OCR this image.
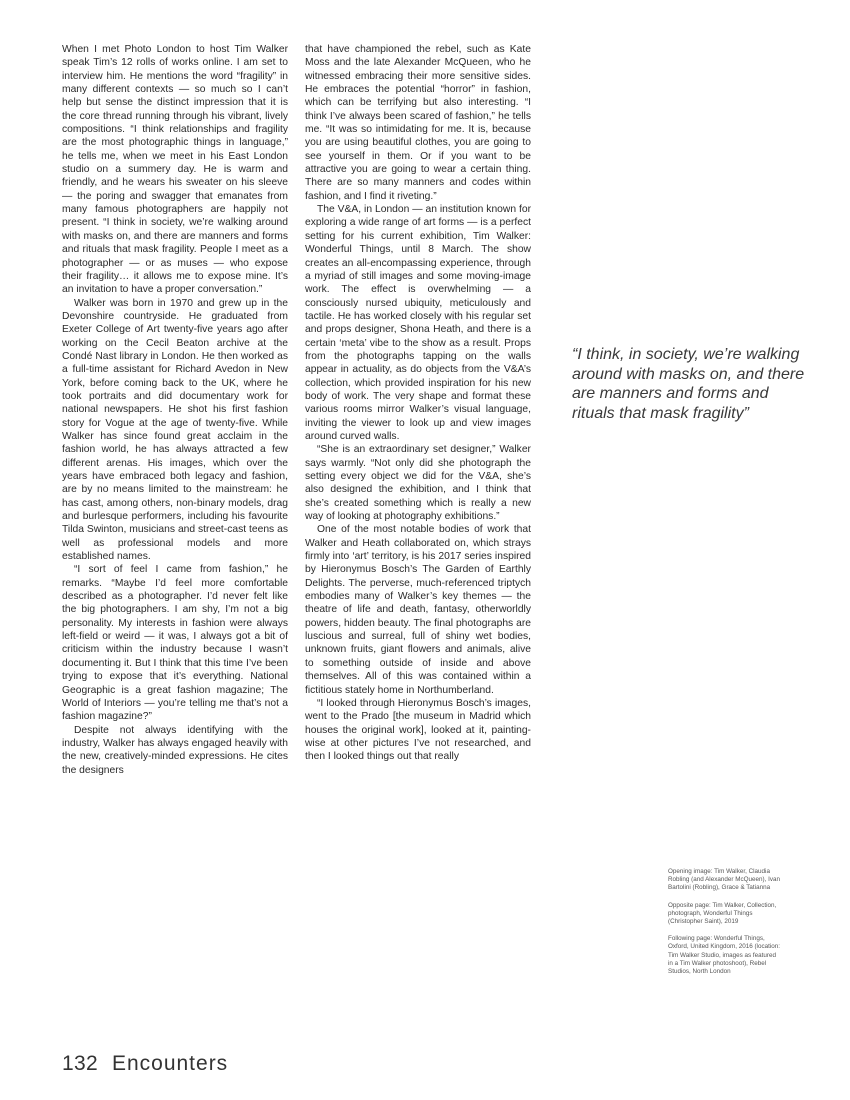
When I met Photo London to host Tim Walker speak Tim’s 12 rolls of works online. I am set to interview him. He mentions the word “fragility” in many different contexts — so much so I can’t help but sense the distinct impression that it is the core thread running through his vibrant, lively compositions. “I think relationships and fragility are the most photographic things in language,” he tells me, when we meet in his East London studio on a summery day. He is warm and friendly, and he wears his sweater on his sleeve — the poring and swagger that emanates from many famous photographers are happily not present. “I think in society, we’re walking around with masks on, and there are manners and forms and rituals that mask fragility. People I meet as a photographer — or as muses — who expose their fragility… it allows me to expose mine. It’s an invitation to have a proper conversation.”

Walker was born in 1970 and grew up in the Devonshire countryside. He graduated from Exeter College of Art twenty-five years ago after working on the Cecil Beaton archive at the Condé Nast library in London. He then worked as a full-time assistant for Richard Avedon in New York, before coming back to the UK, where he took portraits and did documentary work for national newspapers. He shot his first fashion story for Vogue at the age of twenty-five. While Walker has since found great acclaim in the fashion world, he has always attracted a few different arenas. His images, which over the years have embraced both legacy and fashion, are by no means limited to the mainstream: he has cast, among others, non-binary models, drag and burlesque performers, including his favourite Tilda Swinton, musicians and street-cast teens as well as professional models and more established names.

“I sort of feel I came from fashion,” he remarks. “Maybe I’d feel more comfortable described as a photographer. I’d never felt like the big photographers. I am shy, I’m not a big personality. My interests in fashion were always left-field or weird — it was, I always got a bit of criticism within the industry because I wasn’t documenting it. But I think that this time I’ve been trying to expose that it’s everything. National Geographic is a great fashion magazine; The World of Interiors — you’re telling me that’s not a fashion magazine?”

Despite not always identifying with the industry, Walker has always engaged heavily with the new, creatively-minded expressions. He cites the designers

that have championed the rebel, such as Kate Moss and the late Alexander McQueen, who he witnessed embracing their more sensitive sides. He embraces the potential “horror” in fashion, which can be terrifying but also interesting. “I think I’ve always been scared of fashion,” he tells me. “It was so intimidating for me. It is, because you are using beautiful clothes, you are going to see yourself in them. Or if you want to be attractive you are going to wear a certain thing. There are so many manners and codes within fashion, and I find it riveting.”

The V&A, in London — an institution known for exploring a wide range of art forms — is a perfect setting for his current exhibition, Tim Walker: Wonderful Things, until 8 March. The show creates an all-encompassing experience, through a myriad of still images and some moving-image work. The effect is overwhelming — a consciously nursed ubiquity, meticulously and tactile. He has worked closely with his regular set and props designer, Shona Heath, and there is a certain ‘meta’ vibe to the show as a result. Props from the photographs tapping on the walls appear in actuality, as do objects from the V&A’s collection, which provided inspiration for his new body of work. The very shape and format these various rooms mirror Walker’s visual language, inviting the viewer to look up and view images around curved walls.

“She is an extraordinary set designer,” Walker says warmly. “Not only did she photograph the setting every object we did for the V&A, she’s also designed the exhibition, and I think that she’s created something which is really a new way of looking at photography exhibitions.”

One of the most notable bodies of work that Walker and Heath collaborated on, which strays firmly into ‘art’ territory, is his 2017 series inspired by Hieronymus Bosch’s The Garden of Earthly Delights. The perverse, much-referenced triptych embodies many of Walker’s key themes — the theatre of life and death, fantasy, otherworldly powers, hidden beauty. The final photographs are luscious and surreal, full of shiny wet bodies, unknown fruits, giant flowers and animals, alive to something outside of inside and above themselves. All of this was contained within a fictitious stately home in Northumberland.

“I looked through Hieronymus Bosch’s images, went to the Prado [the museum in Madrid which houses the original work], looked at it, painting-wise at other pictures I’ve not researched, and then I looked things out that really

“I think, in society, we’re walking around with masks on, and there are manners and forms and rituals that mask fragility”

Opening image: Tim Walker, Claudia Robling (and Alexander McQueen), Ivan Bartolini (Robling), Grace & Tatianna

Opposite page: Tim Walker, Collection, photograph, Wonderful Things (Christopher Saint), 2019

Following page: Wonderful Things, Oxford, United Kingdom, 2016 (location: Tim Walker Studio, images as featured in a Tim Walker photoshoot), Rebel Studios, North London

132 Encounters
